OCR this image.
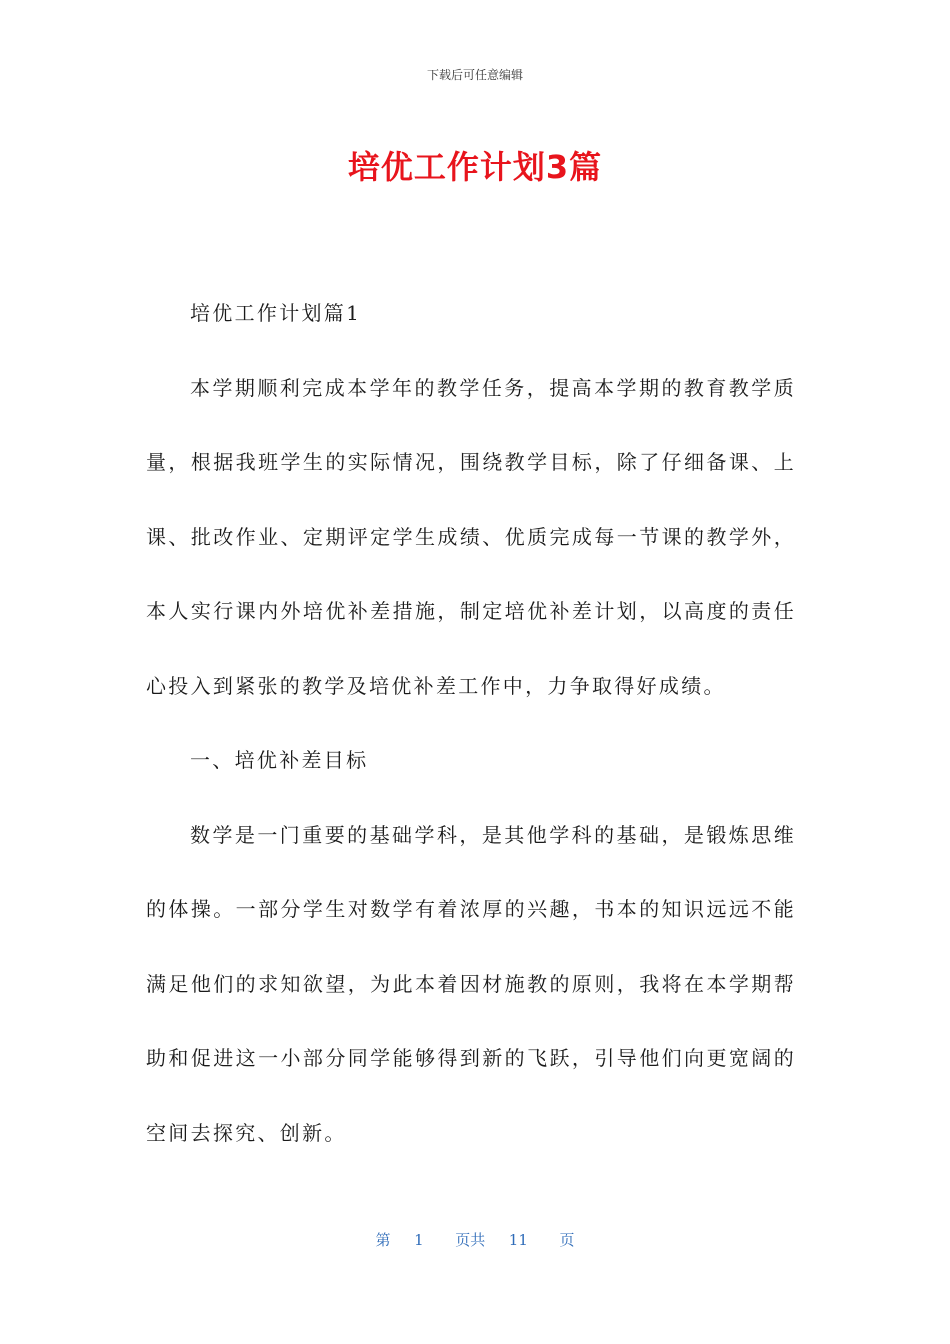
下载后可任意编辑
培优工作计划3篇

培优工作计划篇1

本学期顺利完成本学年的教学任务，提高本学期的教育教学质量，根据我班学生的实际情况，围绕教学目标，除了仔细备课、上课、批改作业、定期评定学生成绩、优质完成每一节课的教学外，本人实行课内外培优补差措施，制定培优补差计划，以高度的责任心投入到紧张的教学及培优补差工作中，力争取得好成绩。

一、培优补差目标

数学是一门重要的基础学科，是其他学科的基础，是锻炼思维的体操。一部分学生对数学有着浓厚的兴趣，书本的知识远远不能满足他们的求知欲望，为此本着因材施教的原则，我将在本学期帮助和促进这一小部分同学能够得到新的飞跃，引导他们向更宽阔的空间去探究、创新。

第 1 页共 11 页
